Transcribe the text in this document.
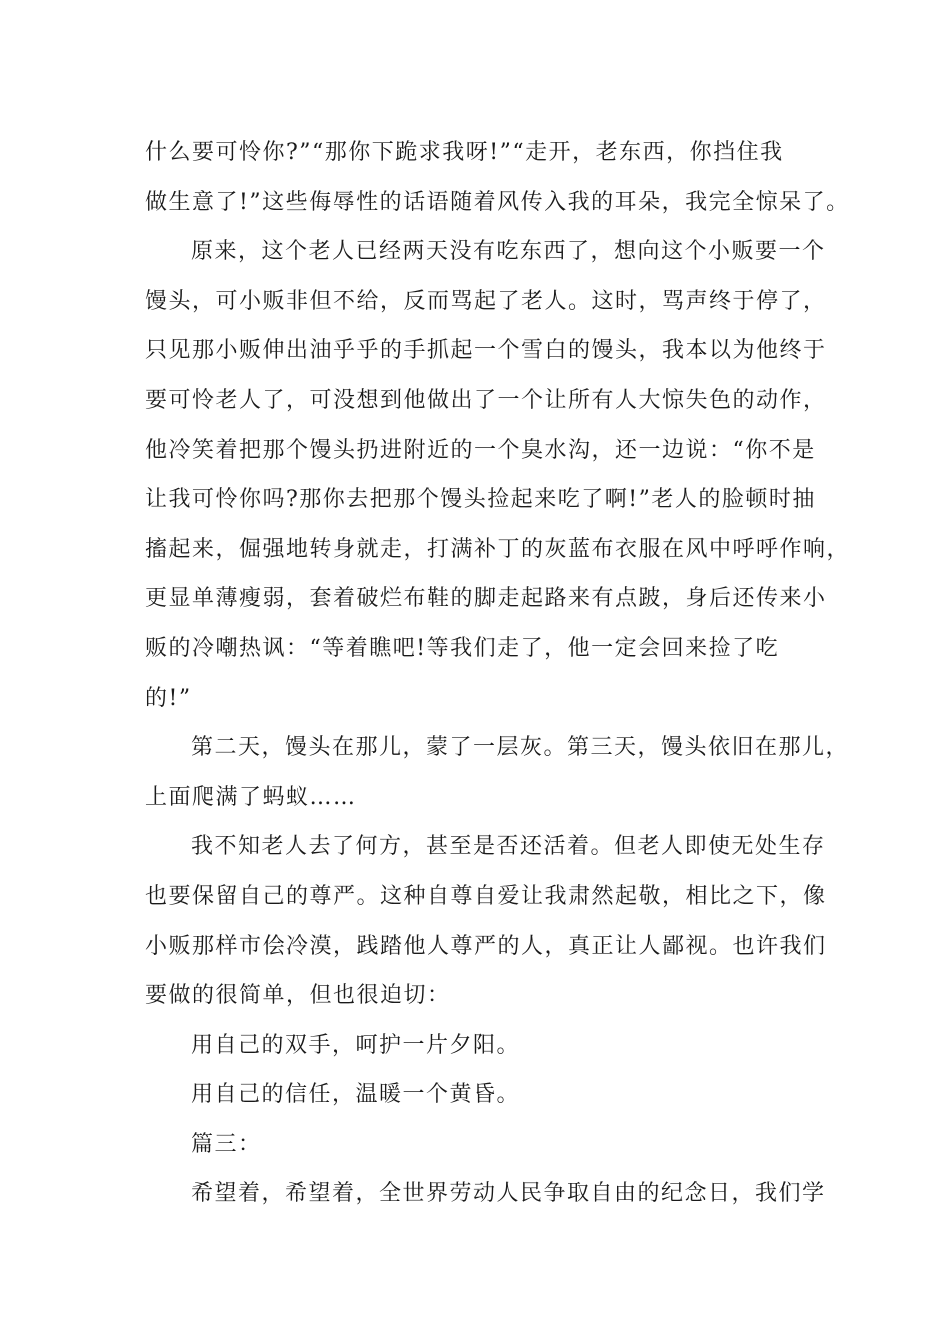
什么要可怜你?”“那你下跪求我呀!”“走开，老东西，你挡住我
做生意了!”这些侮辱性的话语随着风传入我的耳朵，我完全惊呆了。
原来，这个老人已经两天没有吃东西了，想向这个小贩要一个
馒头，可小贩非但不给，反而骂起了老人。这时，骂声终于停了，
只见那小贩伸出油乎乎的手抓起一个雪白的馒头，我本以为他终于
要可怜老人了，可没想到他做出了一个让所有人大惊失色的动作，
他冷笑着把那个馒头扔进附近的一个臭水沟，还一边说：“你不是
让我可怜你吗?那你去把那个馒头捡起来吃了啊!”老人的脸顿时抽
搐起来，倔强地转身就走，打满补丁的灰蓝布衣服在风中呼呼作响，
更显单薄瘦弱，套着破烂布鞋的脚走起路来有点跛，身后还传来小
贩的冷嘲热讽：“等着瞧吧!等我们走了，他一定会回来捡了吃
的!”
第二天，馒头在那儿，蒙了一层灰。第三天，馒头依旧在那儿，
上面爬满了蚂蚁……
我不知老人去了何方，甚至是否还活着。但老人即使无处生存
也要保留自己的尊严。这种自尊自爱让我肃然起敬，相比之下，像
小贩那样市侩冷漠，践踏他人尊严的人，真正让人鄙视。也许我们
要做的很简单，但也很迫切：
用自己的双手，呵护一片夕阳。
用自己的信任，温暖一个黄昏。
篇三：
希望着，希望着，全世界劳动人民争取自由的纪念日，我们学
